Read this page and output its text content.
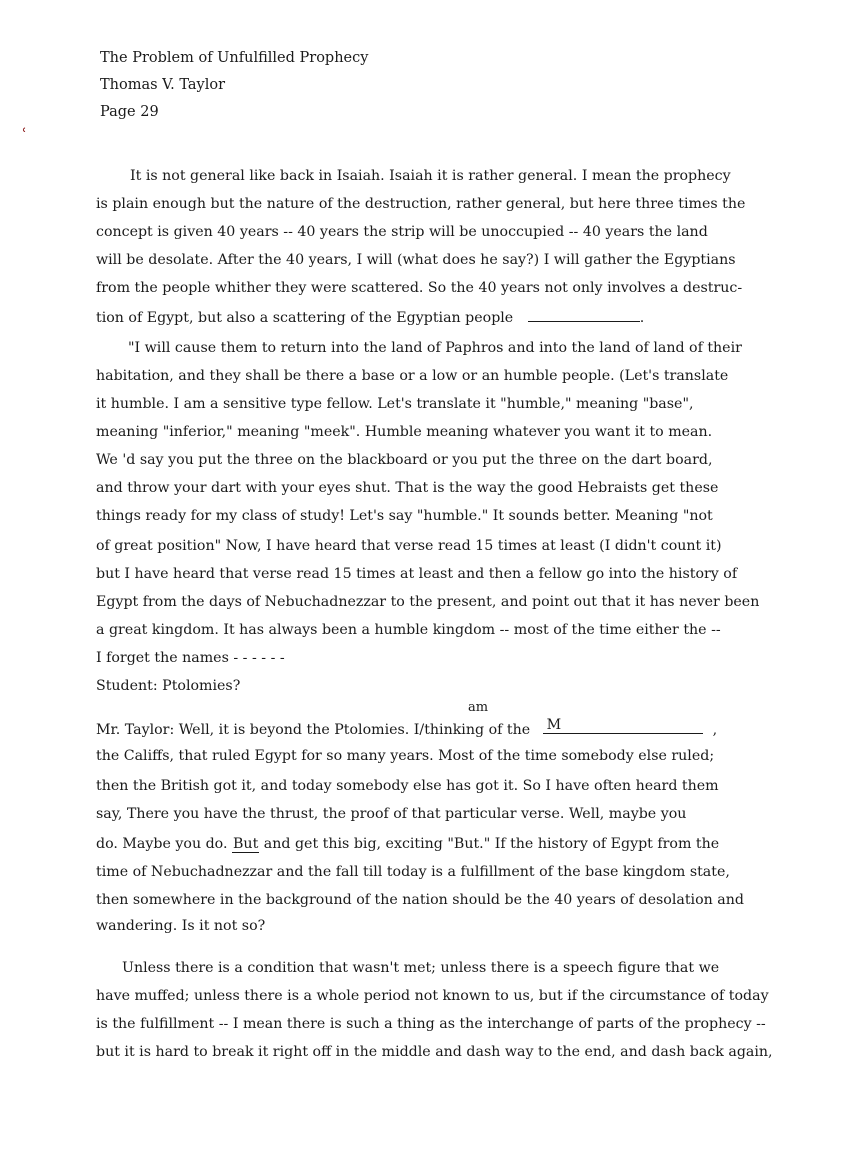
The Problem of Unfulfilled Prophecy
Thomas V. Taylor
Page 29
ʿ
It is not general like back in Isaiah. Isaiah it is rather general. I mean the prophecy
is plain enough but the nature of the destruction, rather general, but here three times the
concept is given 40 years -- 40 years the strip will be unoccupied -- 40 years the land
will be desolate. After the 40 years, I will (what does he say?) I will gather the Egyptians
from the people whither they were scattered. So the 40 years not only involves a destruc-
tion of Egypt, but also a scattering of the Egyptian people	.
"I will cause them to return into the land of Paphros and into the land of land of their
habitation, and they shall be there a base or a low or an humble people. (Let's translate
it humble. I am a sensitive type fellow. Let's translate it "humble," meaning "base",
meaning "inferior," meaning "meek". Humble meaning whatever you want it to mean.
We 'd say you put the three on the blackboard or you put the three on the dart board,
and throw your dart with your eyes shut. That is the way the good Hebraists get these
things ready for my class of study! Let's say "humble." It sounds better. Meaning "not
of great position" Now, I have heard that verse read 15 times at least (I didn't count it)
but I have heard that verse read 15 times at least and then a fellow go into the history of
Egypt from the days of Nebuchadnezzar to the present, and point out that it has never been
a great kingdom. It has always been a humble kingdom -- most of the time either the --
I forget the names - - - - - -
Student: Ptolomies?
am
Mr. Taylor: Well, it is beyond the Ptolomies. I/thinking of the M	,
the Califfs, that ruled Egypt for so many years. Most of the time somebody else ruled;
then the British got it, and today somebody else has got it. So I have often heard them
say, There you have the thrust, the proof of that particular verse. Well, maybe you
do. Maybe you do. But and get this big, exciting "But." If the history of Egypt from the
time of Nebuchadnezzar and the fall till today is a fulfillment of the base kingdom state,
then somewhere in the background of the nation should be the 40 years of desolation and
wandering. Is it not so?
Unless there is a condition that wasn't met; unless there is a speech figure that we
have muffed; unless there is a whole period not known to us, but if the circumstance of today
is the fulfillment -- I mean there is such a thing as the interchange of parts of the prophecy --
but it is hard to break it right off in the middle and dash way to the end, and dash back again,
